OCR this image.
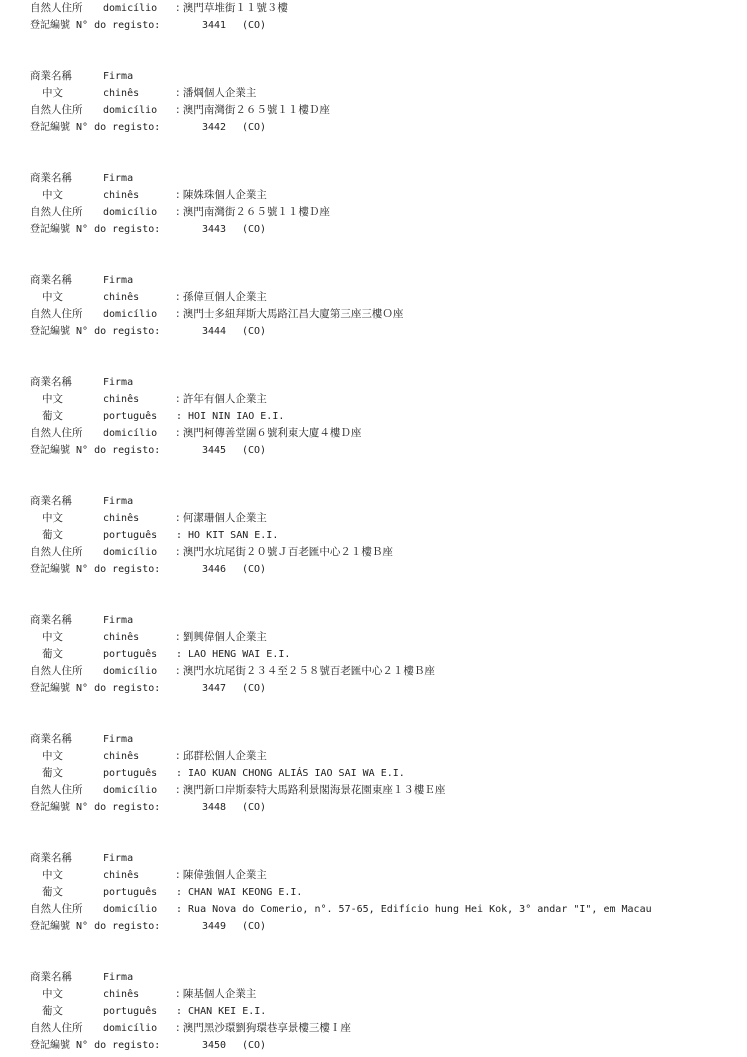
自然人住所 domicílio : 澳門草堆街１１號３樓
登記編號 N° do registo:	3441 (CO)
商業名稱	Firma
中文	chinês	: 潘焵個人企業主
自然人住所 domicílio : 澳門南灣街２６５號１１樓Ｄ座
登記編號 N° do registo:	3442 (CO)
商業名稱	Firma
中文	chinês	: 陳姝珠個人企業主
自然人住所 domicílio : 澳門南灣街２６５號１１樓Ｄ座
登記編號 N° do registo:	3443 (CO)
商業名稱	Firma
中文	chinês	: 孫偉亘個人企業主
自然人住所 domicílio : 澳門士多紐拜斯大馬路江昌大廈第三座三樓Ｏ座
登記編號 N° do registo:	3444 (CO)
商業名稱	Firma
中文	chinês	: 許年有個人企業主
葡文	português : HOI NIN IAO E.I.
自然人住所 domicílio : 澳門柯傳善堂圍６號利東大廈４樓Ｄ座
登記編號 N° do registo:	3445 (CO)
商業名稱	Firma
中文	chinês	: 何潔珊個人企業主
葡文	português : HO KIT SAN E.I.
自然人住所 domicílio : 澳門水坑尾街２０號Ｊ百老匯中心２１樓Ｂ座
登記編號 N° do registo:	3446 (CO)
商業名稱	Firma
中文	chinês	: 劉興偉個人企業主
葡文	português : LAO HENG WAI E.I.
自然人住所 domicílio : 澳門水坑尾街２３４至２５８號百老匯中心２１樓Ｂ座
登記編號 N° do registo:	3447 (CO)
商業名稱	Firma
中文	chinês	: 邱群松個人企業主
葡文	português : IAO KUAN CHONG ALIÁS IAO SAI WA E.I.
自然人住所 domicílio : 澳門新口岸斯泰特大馬路利景閣海景花園東座１３樓Ｅ座
登記編號 N° do registo:	3448 (CO)
商業名稱	Firma
中文	chinês	: 陳偉強個人企業主
葡文	português : CHAN WAI KEONG E.I.
自然人住所 domicílio : Rua Nova do Comerio, n°. 57-65, Edifício hung Hei Kok, 3° andar "I", em Macau
登記編號 N° do registo:	3449 (CO)
商業名稱	Firma
中文	chinês	: 陳基個人企業主
葡文	português : CHAN KEI E.I.
自然人住所 domicílio : 澳門黑沙環劉狗環巷享景樓三樓Ｉ座
登記編號 N° do registo:	3450 (CO)
